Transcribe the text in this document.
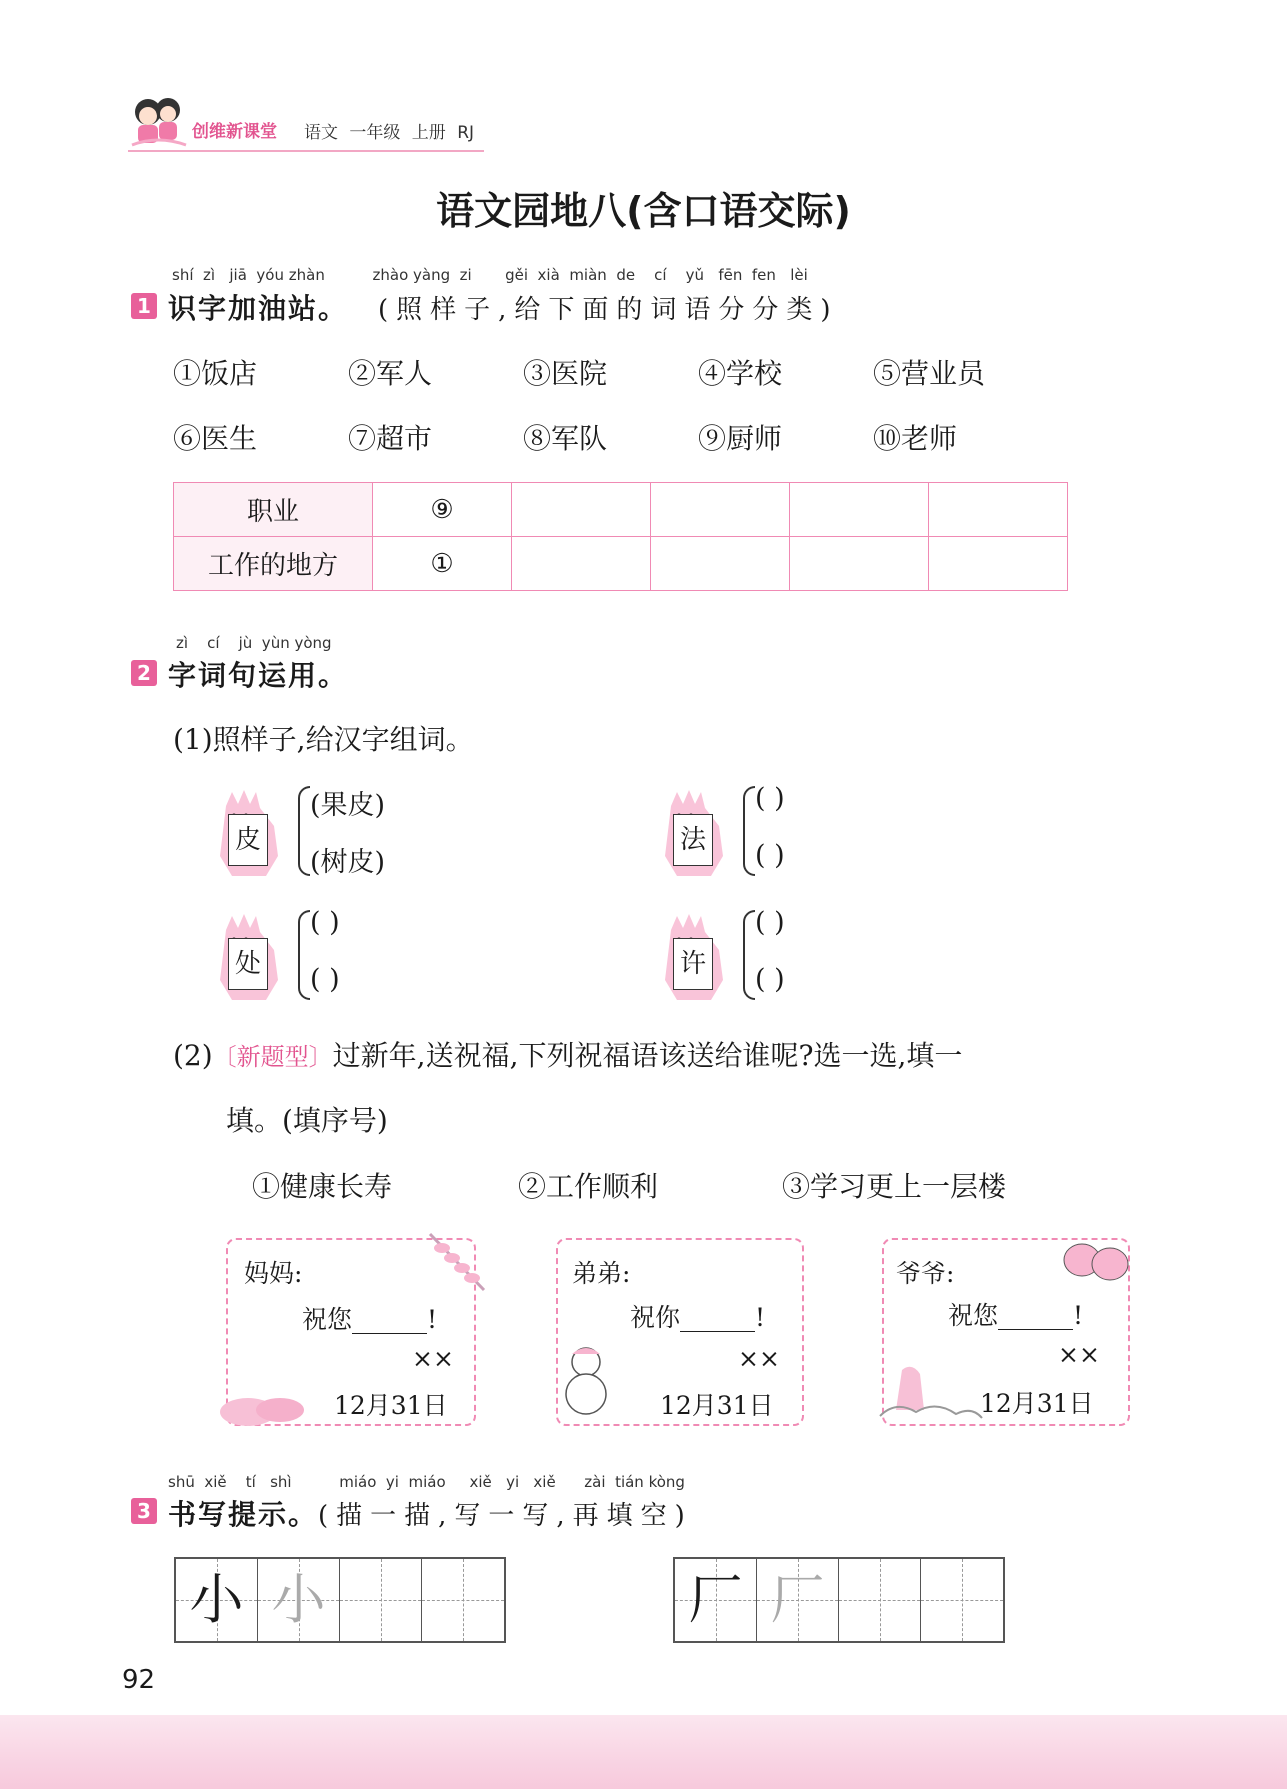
创维新课堂 语文 一年级 上册 RJ
语文园地八(含口语交际)
shí  zì   jiā  yóu zhàn          zhào yàng  zi       gěi  xià  miàn  de    cí    yǔ   fēn  fen   lèi
1 识字加油站。 (照样子,给下面的词语分分类)
①饭店	②军人	③医院	④学校	⑤营业员
⑥医生	⑦超市	⑧军队	⑨厨师	⑩老师
职业	⑨				
工作的地方	①				
zì    cí    jù  yùn yòng
2 字词句运用。
(1)照样子,给汉字组词。
皮
(果皮)
(树皮)
法
( )
( )
处
( )
( )	许
( )
( )
(2)〔新题型〕过新年,送祝福,下列祝福语该送给谁呢?选一选,填一
填。(填序号)
①健康长寿	②工作顺利	③学习更上一层楼
妈妈:
祝您______!
××
12月31日
弟弟:
祝你______!
××
12月31日
爷爷:
祝您______!
××
12月31日
shū  xiě    tí   shì          miáo  yi  miáo     xiě   yi   xiě      zài  tián kòng
3 书写提示。 (描一描,写一写,再填空)
小 小	厂 厂
92
